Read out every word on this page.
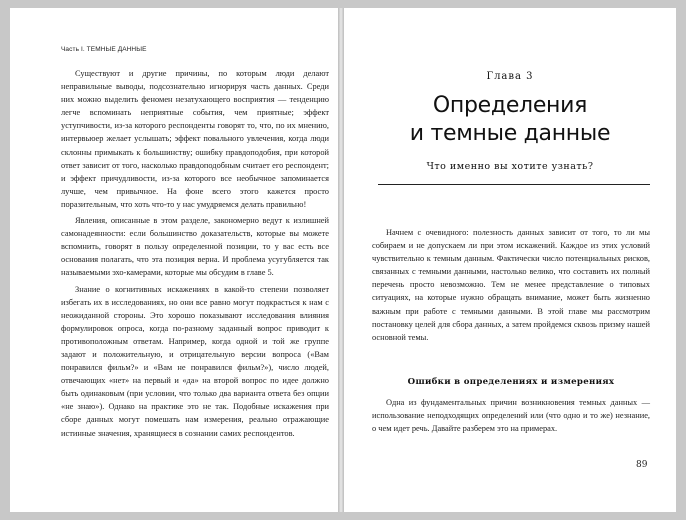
Часть I. ТЕМНЫЕ ДАННЫЕ

Существуют и другие причины, по которым люди делают неправильные выводы, подсознательно игнорируя часть данных. Среди них можно выделить феномен незатухающего восприятия — тенденцию легче вспоминать неприятные события, чем приятные; эффект уступчивости, из-за которого респонденты говорят то, что, по их мнению, интервьюер желает услышать; эффект повального увлечения, когда люди склонны примыкать к большинству; ошибку правдоподобия, при которой ответ зависит от того, насколько правдоподобным считает его респондент; и эффект причудливости, из-за которого все необычное запоминается лучше, чем привычное. На фоне всего этого кажется просто поразительным, что хоть что-то у нас умудряемся делать правильно!

Явления, описанные в этом разделе, закономерно ведут к излишней самонадеянности: если большинство доказательств, которые вы можете вспомнить, говорят в пользу определенной позиции, то у вас есть все основания полагать, что эта позиция верна. И проблема усугубляется так называемыми эхо-камерами, которые мы обсудим в главе 5.

Знание о когнитивных искажениях в какой-то степени позволяет избегать их в исследованиях, но они все равно могут подкрасться к нам с неожиданной стороны. Это хорошо показывают исследования влияния формулировок опроса, когда по-разному заданный вопрос приводит к противоположным ответам. Например, когда одной и той же группе задают и положительную, и отрицательную версии вопроса («Вам понравился фильм?» и «Вам не понравился фильм?»), число людей, отвечающих «нет» на первый и «да» на второй вопрос по идее должно быть одинаковым (при условии, что только два варианта ответа без опции «не знаю»). Однако на практике это не так. Подобные искажения при сборе данных могут помешать нам измерения, реально отражающие истинные значения, хранящиеся в сознании самих респондентов.

Глава 3
Определения
и темные данные
Что именно вы хотите узнать?

Начнем с очевидного: полезность данных зависит от того, то ли мы собираем и не допускаем ли при этом искажений. Каждое из этих условий чувствительно к темным данным. Фактически число потенциальных рисков, связанных с темными данными, настолько велико, что составить их полный перечень просто невозможно. Тем не менее представление о типовых ситуациях, на которые нужно обращать внимание, может быть жизненно важным при работе с темными данными. В этой главе мы рассмотрим постановку целей для сбора данных, а затем пройдемся сквозь призму нашей основной темы.

Ошибки в определениях и измерениях

Одна из фундаментальных причин возникновения темных данных — использование неподходящих определений или (что одно и то же) незнание, о чем идет речь. Давайте разберем это на примерах.

89
